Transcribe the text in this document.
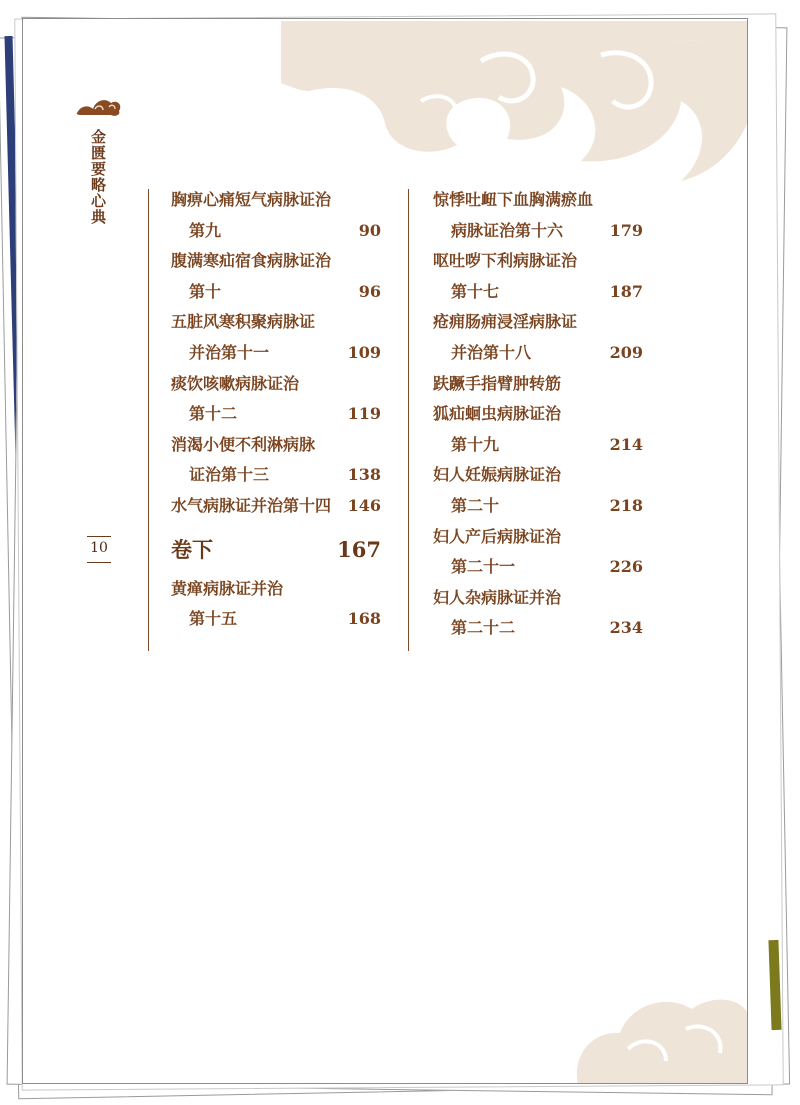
金匮要略心典
10
胸痹心痛短气病脉证治
第九	90
腹满寒疝宿食病脉证治
第十	96
五脏风寒积聚病脉证
并治第十一	109
痰饮咳嗽病脉证治
第十二	119
消渴小便不利淋病脉
证治第十三	138
水气病脉证并治第十四 146
卷下	167
黄瘅病脉证并治
第十五	168
惊悸吐衄下血胸满瘀血
病脉证治第十六	179
呕吐哕下利病脉证治
第十七	187
疮痈肠痈浸淫病脉证
并治第十八	209
趺蹶手指臂肿转筋
狐疝蛔虫病脉证治
第十九	214
妇人妊娠病脉证治
第二十	218
妇人产后病脉证治
第二十一	226
妇人杂病脉证并治
第二十二	234
